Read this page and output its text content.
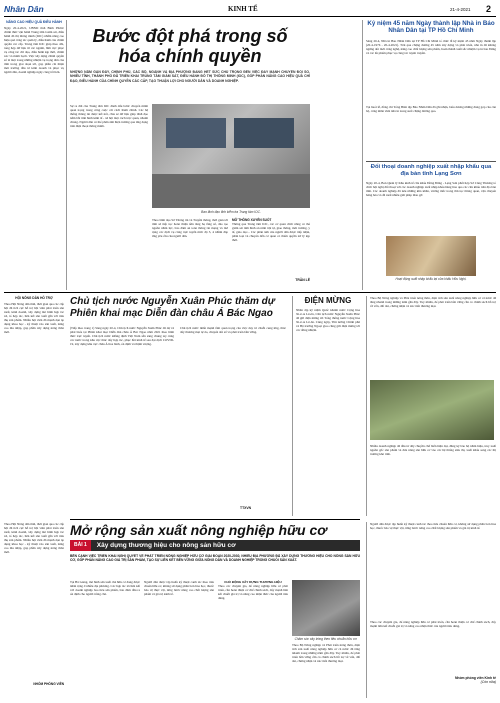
Nhân Dân	KINH TẾ	21-4-2021 2
NĂNG CAO HIỆU QUẢ ĐIỀU HÀNH
Ngày 20-4-2021, UBND tỉnh Bình Phước chính thức vận hành Trung tâm Giám sát, điều hành đô thị thông minh (IOC) nhằm nâng cao hiệu quả công tác quản lý, điều hành của chính quyền các cấp. Trung tâm IOC giúp theo dõi, tổng hợp dữ liệu từ các ngành, lĩnh vực phục vụ công tác chỉ đạo, điều hành kịp thời, chính xác và minh bạch. Việc xây dựng chính quyền số là một trong những nhiệm vụ trọng tâm của tỉnh trong giai đoạn tới, góp phần cải thiện môi trường đầu tư kinh doanh và phục vụ người dân, doanh nghiệp ngày càng tốt hơn.
Bước đột phá trong số hóa chính quyền
NHỮNG NĂM GẦN ĐÂY, CHÍNH PHỦ, CÁC BỘ, NGÀNH VÀ ĐỊA PHƯƠNG ĐANG HẾT SỨC CHÚ TRỌNG ĐẾN VIỆC ĐẨY MẠNH CHUYỂN ĐỔI SỐ. NHIỀU TỈNH, THÀNH PHỐ ĐÃ TRIỂN KHAI TRUNG TÂM GIÁM SÁT, ĐIỀU HÀNH ĐÔ THỊ THÔNG MINH (IOC), GÓP PHẦN NÂNG CAO HIỆU QUẢ CHỈ ĐẠO, ĐIỀU HÀNH CỦA CHÍNH QUYỀN CÁC CẤP, TẠO THUẬN LỢI CHO NGƯỜI DÂN VÀ DOANH NGHIỆP.
Sự ra đời của Trung tâm IOC đánh dấu bước chuyển mình quan trọng trong công cuộc cải cách hành chính. Các hệ thống thông tin được kết nối, chia sẻ dữ liệu giúp lãnh đạo nắm bắt tình hình kinh tế - xã hội một cách trực quan, nhanh chóng. Người dân có thể phản ánh hiện trường qua ứng dụng trên điện thoại thông minh.
Ban lãnh đạo tỉnh kiểm tra Trung tâm IOC.
Theo lãnh đạo Sở Thông tin và Truyền thông, thời gian tới tỉnh sẽ tiếp tục hoàn thiện nền tảng hạ tầng số, đào tạo nguồn nhân lực, bảo đảm an toàn thông tin mạng và mở rộng các dịch vụ công trực tuyến mức độ 3, 4 nhằm đáp ứng yêu cầu của người dân.
MỞ THÔNG XUYÊN SUỐT
Thông qua Trung tâm IOC, các cơ quan chức năng có thể giám sát tình hình an ninh trật tự, giao thông, môi trường, y tế, giáo dục... Các phản ánh của người dân được tiếp nhận, phân loại và chuyển đến cơ quan có thẩm quyền xử lý kịp thời.
TRẦN LÊ
Kỷ niệm 45 năm Ngày thành lập Nhà in Báo Nhân Dân tại TP Hồ Chí Minh
Sáng 20-4, Nhà in Báo Nhân Dân tại TP Hồ Chí Minh tổ chức lễ kỷ niệm 45 năm Ngày thành lập (20-4-1976 - 20-4-2021). Trải qua chặng đường 45 năm xây dựng và phát triển, nhà in đã không ngừng đổi mới công nghệ, nâng cao chất lượng sản phẩm, hoàn thành xuất sắc nhiệm vụ in báo Đảng và các ấn phẩm phục vụ công tác tuyên truyền.
Tại buổi lễ, đồng chí Tổng Biên tập Báo Nhân Dân đã ghi nhận, biểu dương những đóng góp của cán bộ, công nhân viên nhà in trong suốt chặng đường qua.
Đối thoại doanh nghiệp xuất nhập khẩu qua địa bàn tỉnh Lạng Sơn
Ngày 20-4, Ban Quản lý Khu kinh tế cửa khẩu Đồng Đăng - Lạng Sơn phối hợp Sở Công Thương tổ chức hội nghị đối thoại với các doanh nghiệp xuất nhập khẩu hàng hóa qua các cửa khẩu trên địa bàn tỉnh. Các doanh nghiệp đã nêu những khó khăn, vướng mắc trong thủ tục thông quan, vận chuyển hàng hóa và đề xuất nhiều giải pháp tháo gỡ.
Hoạt động xuất nhập khẩu tại cửa khẩu Hữu Nghị.
HỘI NÔNG DÂN HỖ TRỢ
Theo Hội Nông dân tỉnh, thời gian qua các cấp hội đã tích cực hỗ trợ hội viên phát triển sản xuất, kinh doanh, xây dựng mô hình hợp tác xã, tổ hợp tác, liên kết sản xuất gắn với tiêu thụ sản phẩm. Nhiều hội viên đã mạnh dạn áp dụng khoa học - kỹ thuật vào sản xuất, nâng cao thu nhập, góp phần xây dựng nông thôn mới.
Chủ tịch nước Nguyễn Xuân Phúc thăm dự
Phiên khai mạc Diễn đàn châu Á Bác Ngao
(Tiếp theo trang 1) Sáng ngày 20-4, Chủ tịch nước Nguyễn Xuân Phúc đã dự và phát biểu tại Phiên khai mạc Diễn đàn châu Á Bác Ngao năm 2021 theo hình thức trực tuyến. Chủ tịch nước khẳng định Việt Nam sẵn sàng chung tay cùng các nước trong khu vực thúc đẩy hợp tác, phục hồi kinh tế sau đại dịch COVID-19, xây dựng khu vực châu Á hòa bình, ổn định và thịnh vượng.
Chủ tịch nước nhấn mạnh tầm quan trọng của việc duy trì chuỗi cung ứng, thúc đẩy thương mại tự do, chuyển đổi số và phát triển bền vững.
TTXVN
ĐIỆN MỪNG
Nhân dịp kỷ niệm Quốc khánh nước Cộng hòa Xi-ê-ra Lê-ôn, Chủ tịch nước Nguyễn Xuân Phúc đã gửi điện mừng tới Tổng thống nước Cộng hòa Xi-ê-ra Lê-ôn. Cùng ngày, Thủ tướng Chính phủ và Bộ trưởng Ngoại giao cũng gửi điện mừng tới các đồng nhiệm.
Theo Bộ Nông nghiệp và Phát triển nông thôn, diện tích sản xuất nông nghiệp hữu cơ cả nước đã tăng nhanh trong những năm gần đây. Tuy nhiên, để phát triển bền vững cần có chính sách hỗ trợ về vốn, đất đai, chứng nhận và xúc tiến thương mại.
Nhiều doanh nghiệp đã đầu tư dây chuyền chế biến hiện đại, đăng ký bảo hộ nhãn hiệu, truy xuất nguồn gốc sản phẩm và đưa nông sản hữu cơ vào các hệ thống siêu thị, xuất khẩu sang các thị trường khó tính.
Mở rộng sản xuất nông nghiệp hữu cơ
BÀI 1	Xây dựng thương hiệu cho nông sản hữu cơ
BÊN CẠNH VIỆC TRIỂN KHAI NGHỊ QUYẾT VỀ PHÁT TRIỂN NÔNG NGHIỆP HỮU CƠ GIAI ĐOẠN 2020-2030, NHIỀU ĐỊA PHƯƠNG ĐÃ XÂY DỰNG THƯƠNG HIỆU CHO NÔNG SẢN HỮU CƠ, GÓP PHẦN NÂNG CAO GIÁ TRỊ SẢN PHẨM, TẠO SỰ LIÊN KẾT BỀN VỮNG GIỮA NÔNG DÂN VÀ DOANH NGHIỆP TRONG CHUỖI SẢN XUẤT.
Tại Hà Giang, mô hình sản xuất chè hữu cơ đang được nhân rộng ở nhiều địa phương. Các hợp tác xã liên kết với doanh nghiệp bao tiêu sản phẩm, bảo đảm đầu ra ổn định cho người trồng chè.
Người dân được tập huấn kỹ thuật canh tác theo tiêu chuẩn hữu cơ, không sử dụng phân bón hóa học, thuốc bảo vệ thực vật, từng bước nâng cao chất lượng sản phẩm và giá trị kinh tế.
CHỦ ĐỘNG XÂY DỰNG THƯƠNG HIỆU
Theo các chuyên gia, để nông nghiệp hữu cơ phát triển, cần hoàn thiện cơ chế chính sách, đẩy mạnh liên kết chuỗi giá trị và nâng cao nhận thức của người tiêu dùng.
Chăm sóc cây trồng theo tiêu chuẩn hữu cơ.
Theo Bộ Nông nghiệp và Phát triển nông thôn, diện tích sản xuất nông nghiệp hữu cơ cả nước đã tăng nhanh trong những năm gần đây. Tuy nhiên, để phát triển bền vững cần có chính sách hỗ trợ về vốn, đất đai, chứng nhận và xúc tiến thương mại.
Theo Hội Nông dân tỉnh, thời gian qua các cấp hội đã tích cực hỗ trợ hội viên phát triển sản xuất, kinh doanh, xây dựng mô hình hợp tác xã, tổ hợp tác, liên kết sản xuất gắn với tiêu thụ sản phẩm. Nhiều hội viên đã mạnh dạn áp dụng khoa học - kỹ thuật vào sản xuất, nâng cao thu nhập, góp phần xây dựng nông thôn mới.
NHÓM PHÓNG VIÊN
Người dân được tập huấn kỹ thuật canh tác theo tiêu chuẩn hữu cơ, không sử dụng phân bón hóa học, thuốc bảo vệ thực vật, từng bước nâng cao chất lượng sản phẩm và giá trị kinh tế.
Theo các chuyên gia, để nông nghiệp hữu cơ phát triển, cần hoàn thiện cơ chế chính sách, đẩy mạnh liên kết chuỗi giá trị và nâng cao nhận thức của người tiêu dùng.
Nhóm phóng viên Kinh tế
(Còn nữa)
